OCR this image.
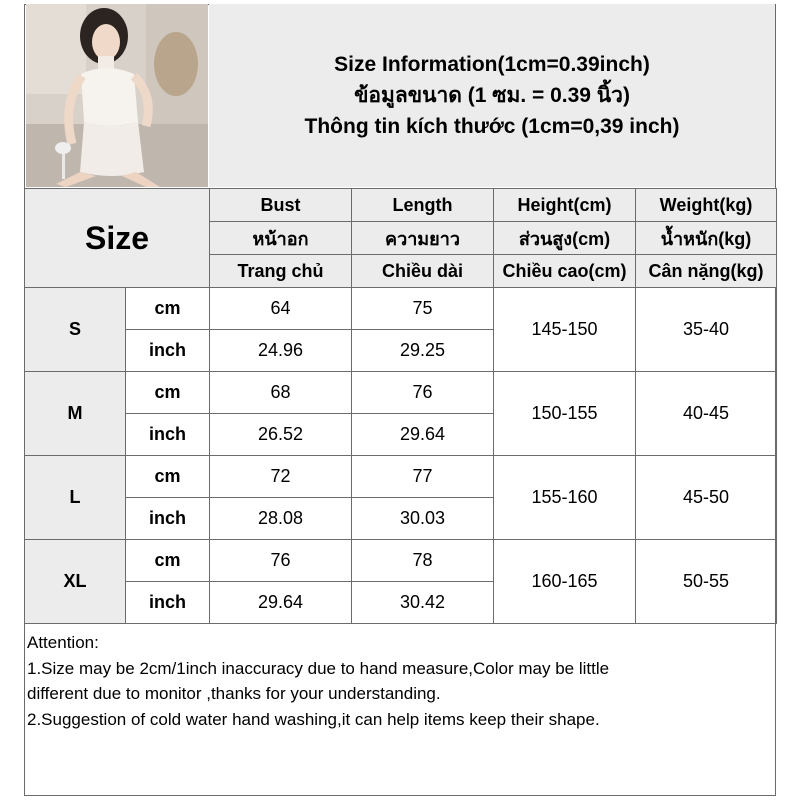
Size Information(1cm=0.39inch)
ข้อมูลขนาด (1 ซม. = 0.39 นิ้ว)
Thông tin kích thước (1cm=0,39 inch)
Size		Bust	Length	Height(cm)	Weight(kg)
		หน้าอก	ความยาว	ส่วนสูง(cm)	น้ำหนัก(kg)
		Trang chủ	Chiều dài	Chiều cao(cm)	Cân nặng(kg)
S	cm	64	75	145-150	35-40
	inch	24.96	29.25		
M	cm	68	76	150-155	40-45
	inch	26.52	29.64		
L	cm	72	77	155-160	45-50
	inch	28.08	30.03		
XL	cm	76	78	160-165	50-55
	inch	29.64	30.42		
Attention:
1.Size may be 2cm/1inch inaccuracy due to hand measure,Color may be little
different due to monitor ,thanks for your understanding.
2.Suggestion of cold water hand washing,it can help items keep their shape.
